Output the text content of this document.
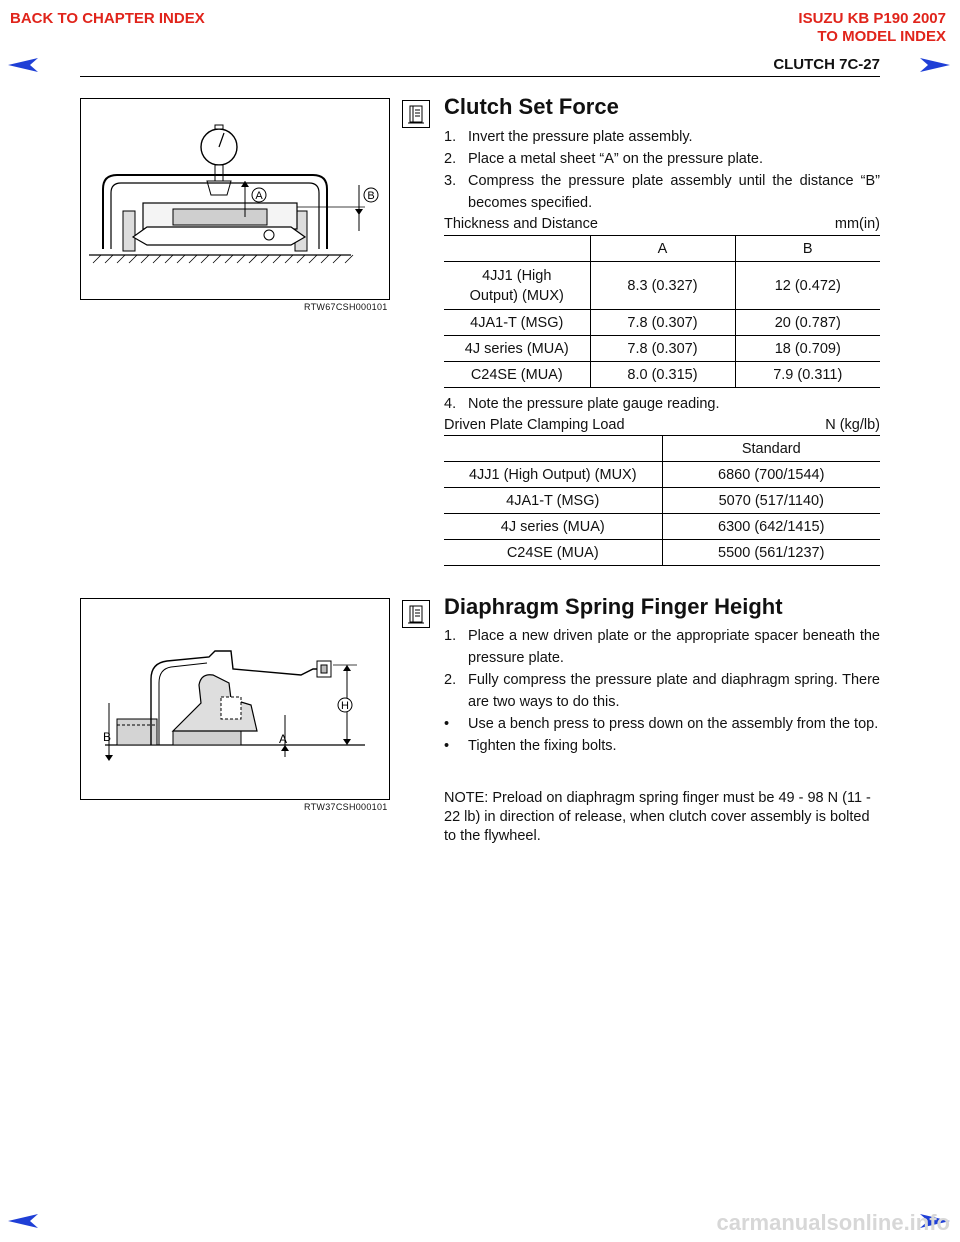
BACK TO CHAPTER INDEX	ISUZU KB P190 2007
TO MODEL INDEX
CLUTCH 7C-27
A	B
RTW67CSH000101
Clutch Set Force
1. Invert the pressure plate assembly.
2. Place a metal sheet “A” on the pressure plate.
3. Compress the pressure plate assembly until the distance “B” becomes specified.
Thickness and Distance	mm(in)
	A	B
4JJ1 (High Output) (MUX)	8.3 (0.327)	12 (0.472)
4JA1-T (MSG)	7.8 (0.307)	20 (0.787)
4J series (MUA)	7.8 (0.307)	18 (0.709)
C24SE (MUA)	8.0 (0.315)	7.9 (0.311)
4. Note the pressure plate gauge reading.
Driven Plate Clamping Load	N (kg/lb)
	Standard
4JJ1 (High Output) (MUX)	6860 (700/1544)
4JA1-T (MSG)	5070 (517/1140)
4J series (MUA)	6300 (642/1415)
C24SE (MUA)	5500 (561/1237)
H
B	A
RTW37CSH000101
Diaphragm Spring Finger Height
1. Place a new driven plate or the appropriate spacer beneath the pressure plate.
2. Fully compress the pressure plate and diaphragm spring. There are two ways to do this.
•	Use a bench press to press down on the assembly from the top.
•	Tighten the fixing bolts.
NOTE: Preload on diaphragm spring finger must be 49 - 98 N (11 - 22 lb) in direction of release, when clutch cover assembly is bolted to the flywheel.
carmanualsonline.info
